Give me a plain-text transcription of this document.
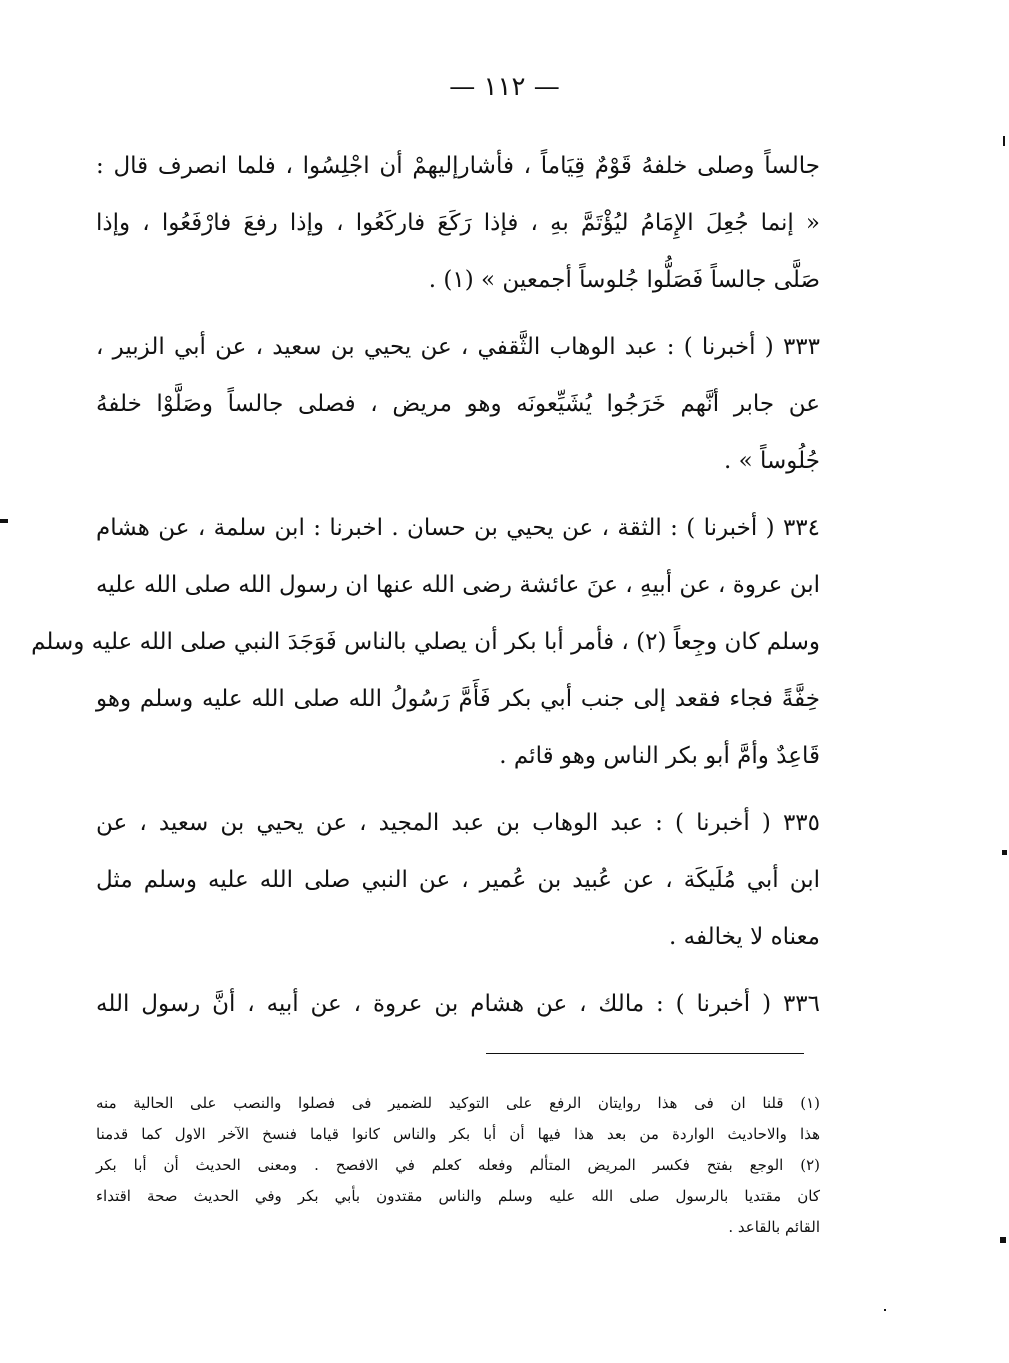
— ١١٢ —
جالساً وصلى خلفهُ قَوْمٌ قِيَاماً ، فأشارإليهمْ أن اجْلِسُوا ، فلما انصرف قال :
« إنما جُعِلَ الإِمَامُ ليُؤْتَمَّ بهِ ، فإذا رَكَعَ فاركَعُوا ، وإذا رفعَ فارْفَعُوا ، وإذا
صَلَّى جالساً فَصَلُّوا جُلوساً أجمعين » (١) .
٣٣٣ ( أخبرنا ) : عبد الوهاب الثَّقفي ، عن يحيي بن سعيد ، عن أبي الزبير ،
عن جابر أنَّهم خَرَجُوا يُشَيِّعونَه وهو مريض ، فصلى جالساً وصَلَّوْا خلفهُ
جُلُوساً » .
٣٣٤ ( أخبرنا ) : الثقة ، عن يحيي بن حسان . اخبرنا : ابن سلمة ، عن هشام
ابن عروة ، عن أبيهِ ، عنَ عائشة رضى الله عنها ان رسول الله صلى الله عليه
وسلم كان وجِعاً (٢) ، فأمر أبا بكر أن يصلي بالناس فَوَجَدَ النبي صلى الله عليه وسلم
خِفَّةً فجاء فقعد إلى جنب أبي بكر فَأَمَّ رَسُولُ الله صلى الله عليه وسلم وهو
قَاعِدٌ وأمَّ أبو بكر الناس وهو قائم .
٣٣٥ ( أخبرنا ) : عبد الوهاب بن عبد المجيد ، عن يحيي بن سعيد ، عن
ابن أبي مُلَيكَة ، عن عُبيد بن عُمير ، عن النبي صلى الله عليه وسلم مثل
معناه لا يخالفه .
٣٣٦ ( أخبرنا ) : مالك ، عن هشام بن عروة ، عن أبيه ، أنَّ رسول الله
(١) قلنا ان فى هذا روايتان الرفع على التوكيد للضمير فى فصلوا والنصب على الحالية منه
هذا والاحاديث الواردة من بعد هذا فيها أن أبا بكر والناس كانوا قياما فنسخ الآخر الاول كما قدمنا
(٢) الوجع بفتح فكسر المريض المتألم وفعله كعلم في الافصح . ومعنى الحديث أن أبا بكر
كان مقتديا بالرسول صلى الله عليه وسلم والناس مقتدون بأبي بكر وفي الحديث صحة اقتداء
القائم بالقاعد .
